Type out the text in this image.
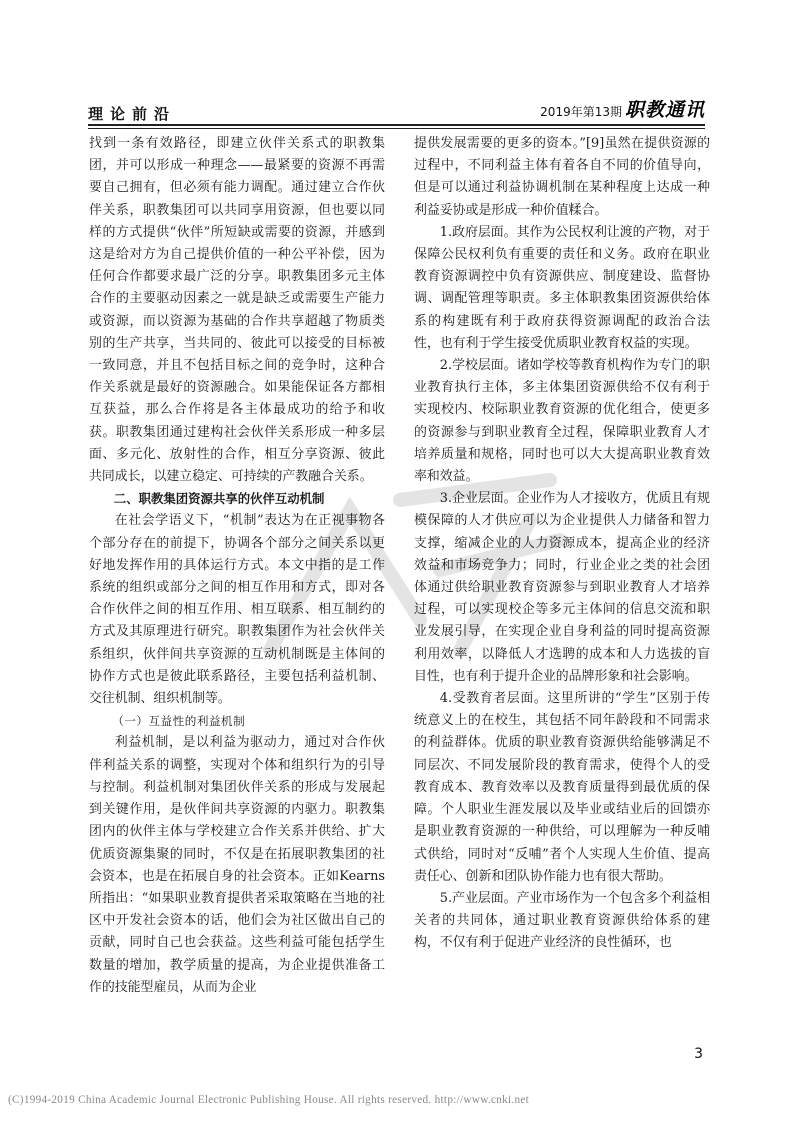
理论前沿	2019年第13期 职教通讯

找到一条有效路径，即建立伙伴关系式的职教集团，并可以形成一种理念——最紧要的资源不再需要自己拥有，但必须有能力调配。通过建立合作伙伴关系，职教集团可以共同享用资源，但也要以同样的方式提供“伙伴”所短缺或需要的资源，并感到这是给对方为自己提供价值的一种公平补偿，因为任何合作都要求最广泛的分享。职教集团多元主体合作的主要驱动因素之一就是缺乏或需要生产能力或资源，而以资源为基础的合作共享超越了物质类别的生产共享，当共同的、彼此可以接受的目标被一致同意，并且不包括目标之间的竞争时，这种合作关系就是最好的资源融合。如果能保证各方都相互获益，那么合作将是各主体最成功的给予和收获。职教集团通过建构社会伙伴关系形成一种多层面、多元化、放射性的合作，相互分享资源、彼此共同成长，以建立稳定、可持续的产教融合关系。

二、职教集团资源共享的伙伴互动机制

在社会学语义下，“机制”表达为在正视事物各个部分存在的前提下，协调各个部分之间关系以更好地发挥作用的具体运行方式。本文中指的是工作系统的组织或部分之间的相互作用和方式，即对各合作伙伴之间的相互作用、相互联系、相互制约的方式及其原理进行研究。职教集团作为社会伙伴关系组织，伙伴间共享资源的互动机制既是主体间的协作方式也是彼此联系路径，主要包括利益机制、交往机制、组织机制等。

（一）互益性的利益机制

利益机制，是以利益为驱动力，通过对合作伙伴利益关系的调整，实现对个体和组织行为的引导与控制。利益机制对集团伙伴关系的形成与发展起到关键作用，是伙伴间共享资源的内驱力。职教集团内的伙伴主体与学校建立合作关系并供给、扩大优质资源集聚的同时，不仅是在拓展职教集团的社会资本，也是在拓展自身的社会资本。正如Kearns所指出：“如果职业教育提供者采取策略在当地的社区中开发社会资本的话，他们会为社区做出自己的贡献，同时自己也会获益。这些利益可能包括学生数量的增加，教学质量的提高，为企业提供准备工作的技能型雇员，从而为企业

提供发展需要的更多的资本。”[9]虽然在提供资源的过程中，不同利益主体有着各自不同的价值导向，但是可以通过利益协调机制在某种程度上达成一种利益妥协或是形成一种价值糅合。

1.政府层面。其作为公民权利让渡的产物，对于保障公民权利负有重要的责任和义务。政府在职业教育资源调控中负有资源供应、制度建设、监督协调、调配管理等职责。多主体职教集团资源供给体系的构建既有利于政府获得资源调配的政治合法性，也有利于学生接受优质职业教育权益的实现。

2.学校层面。诸如学校等教育机构作为专门的职业教育执行主体，多主体集团资源供给不仅有利于实现校内、校际职业教育资源的优化组合，使更多的资源参与到职业教育全过程，保障职业教育人才培养质量和规格，同时也可以大大提高职业教育效率和效益。

3.企业层面。企业作为人才接收方，优质且有规模保障的人才供应可以为企业提供人力储备和智力支撑，缩减企业的人力资源成本，提高企业的经济效益和市场竞争力；同时，行业企业之类的社会团体通过供给职业教育资源参与到职业教育人才培养过程，可以实现校企等多元主体间的信息交流和职业发展引导，在实现企业自身利益的同时提高资源利用效率，以降低人才选聘的成本和人力选拔的盲目性，也有利于提升企业的品牌形象和社会影响。

4.受教育者层面。这里所讲的“学生”区别于传统意义上的在校生，其包括不同年龄段和不同需求的利益群体。优质的职业教育资源供给能够满足不同层次、不同发展阶段的教育需求，使得个人的受教育成本、教育效率以及教育质量得到最优质的保障。个人职业生涯发展以及毕业或结业后的回馈亦是职业教育资源的一种供给，可以理解为一种反哺式供给，同时对“反哺”者个人实现人生价值、提高责任心、创新和团队协作能力也有很大帮助。

5.产业层面。产业市场作为一个包含多个利益相关者的共同体，通过职业教育资源供给体系的建构，不仅有利于促进产业经济的良性循环，也

3
(C)1994-2019 China Academic Journal Electronic Publishing House. All rights reserved. http://www.cnki.net
